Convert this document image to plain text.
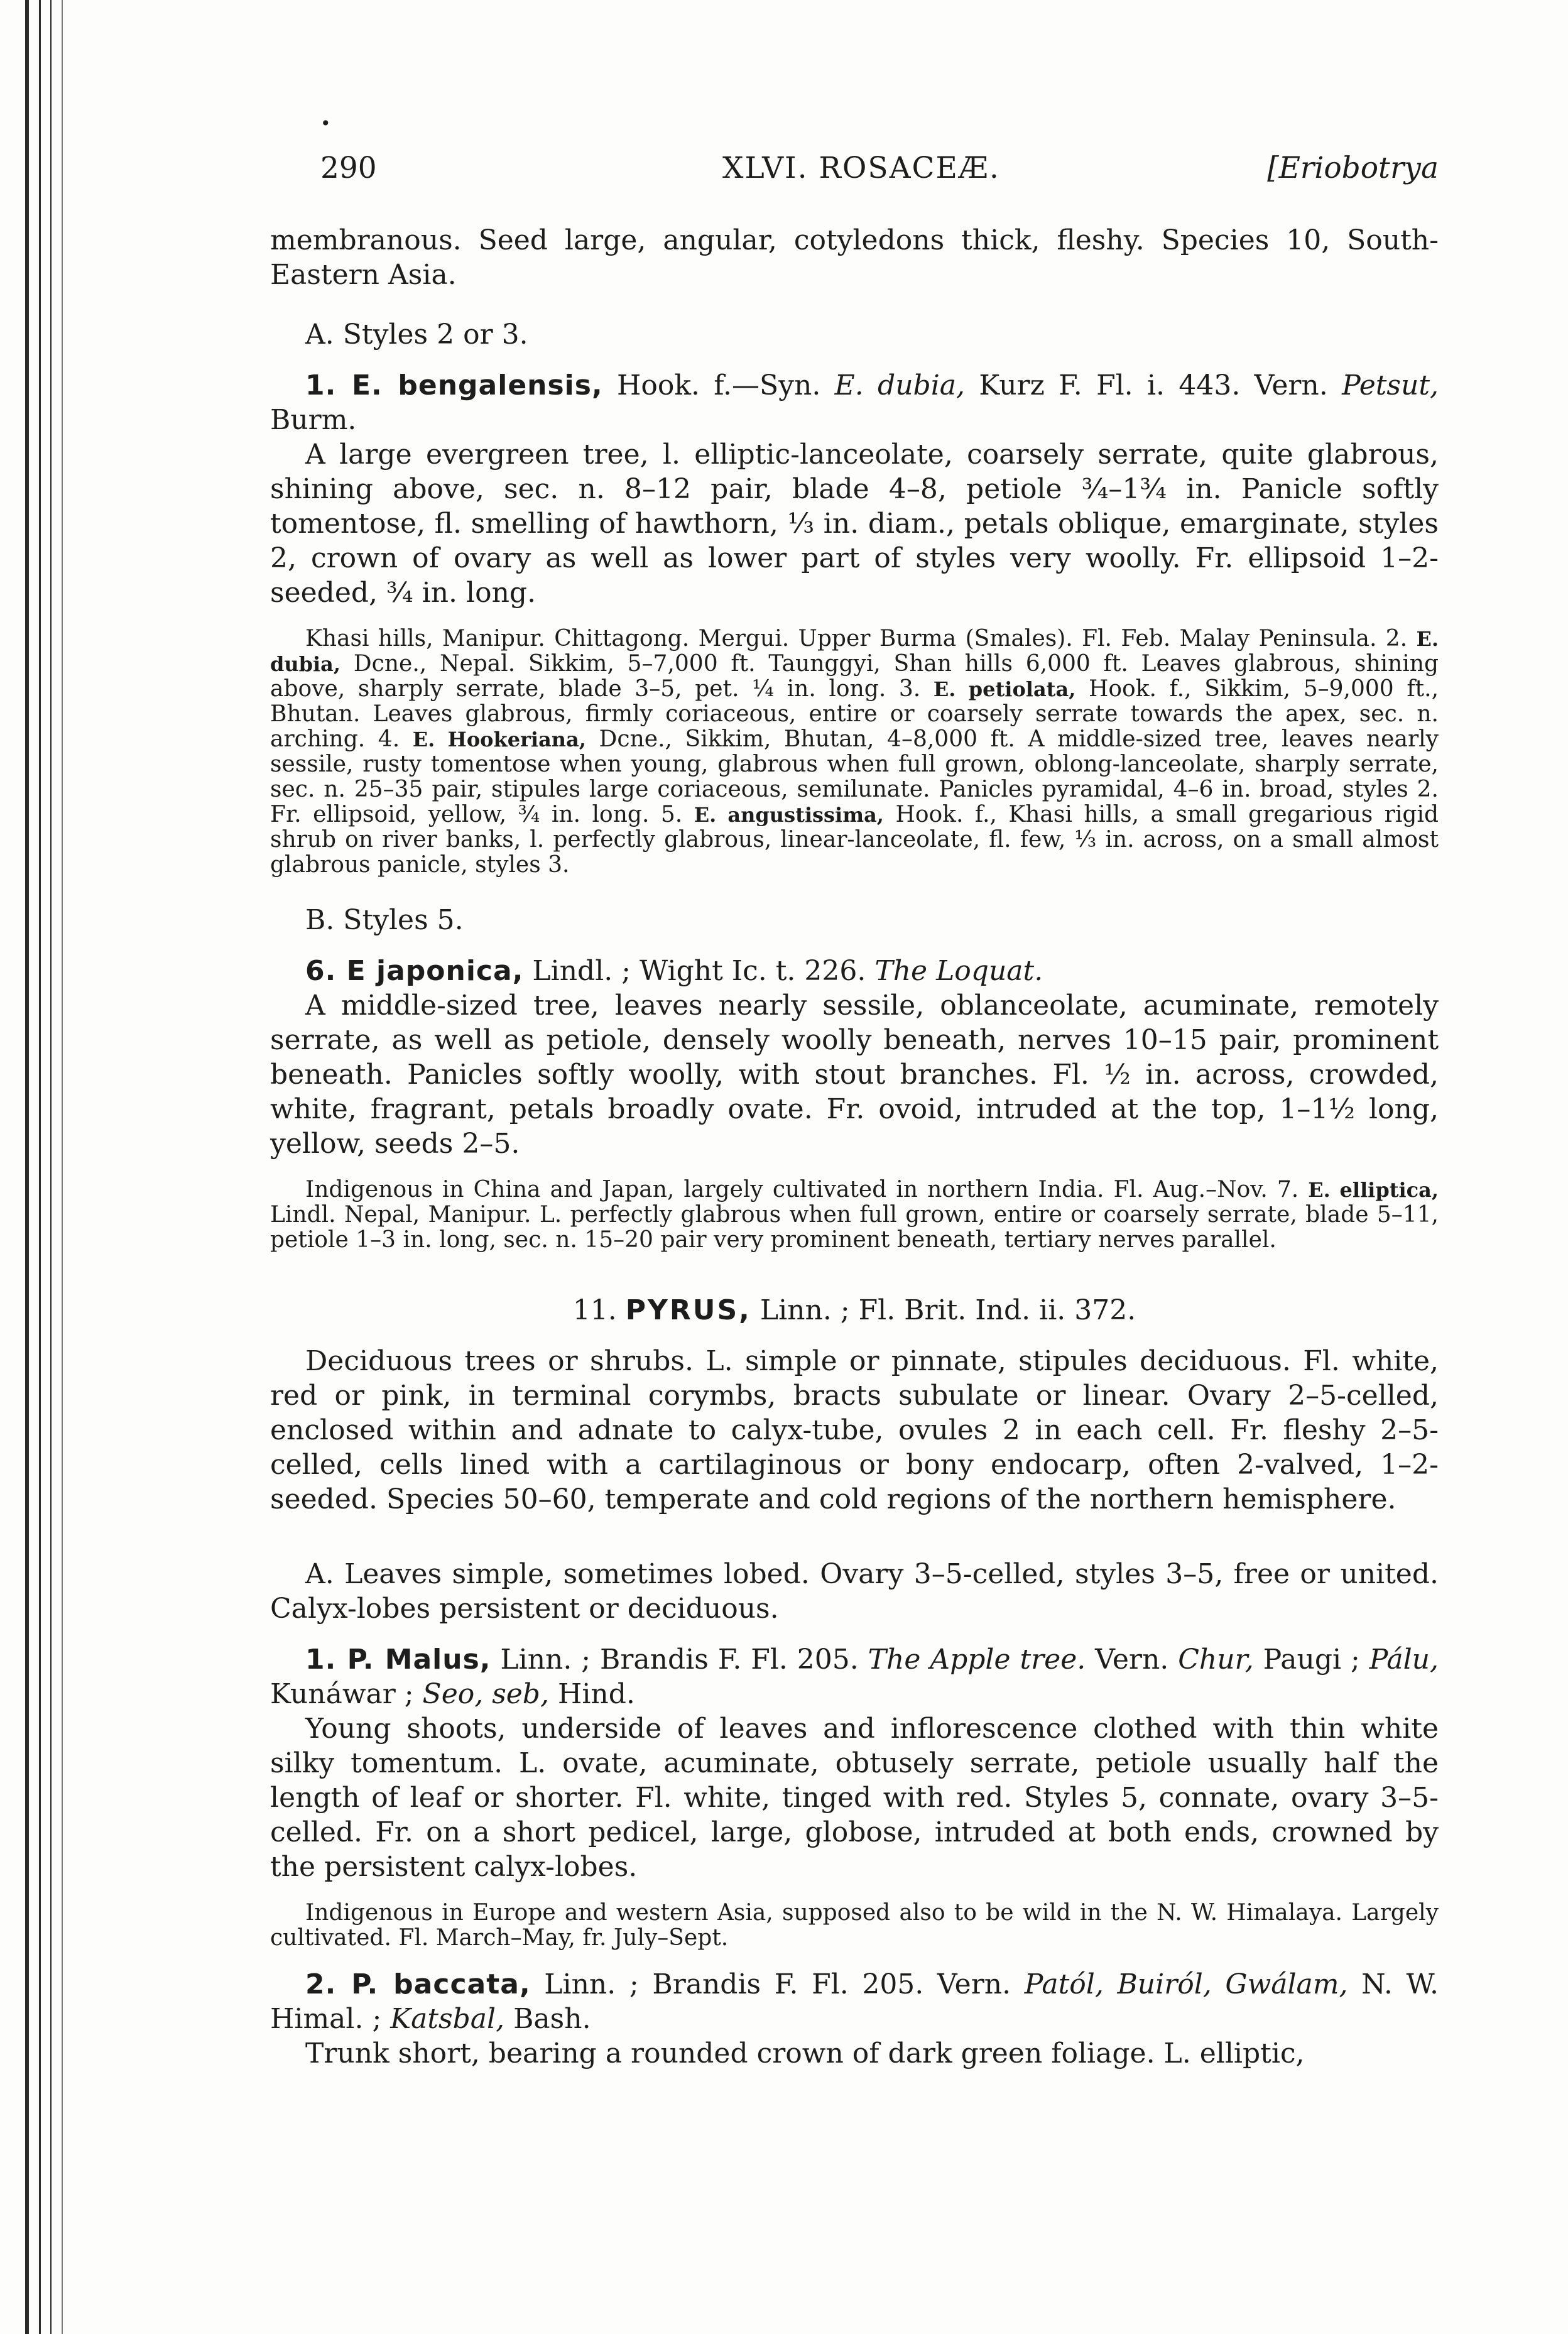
•
290	XLVI. ROSACEÆ.	[Eriobotrya

membranous. Seed large, angular, cotyledons thick, fleshy. Species 10, South-Eastern Asia.

A. Styles 2 or 3.

1. E. bengalensis, Hook. f.—Syn. E. dubia, Kurz F. Fl. i. 443. Vern. Petsut, Burm.

A large evergreen tree, l. elliptic-lanceolate, coarsely serrate, quite glabrous, shining above, sec. n. 8–12 pair, blade 4–8, petiole ¾–1¾ in. Panicle softly tomentose, fl. smelling of hawthorn, ⅓ in. diam., petals oblique, emarginate, styles 2, crown of ovary as well as lower part of styles very woolly. Fr. ellipsoid 1–2-seeded, ¾ in. long.

Khasi hills, Manipur. Chittagong. Mergui. Upper Burma (Smales). Fl. Feb. Malay Peninsula. 2. E. dubia, Dcne., Nepal. Sikkim, 5–7,000 ft. Taunggyi, Shan hills 6,000 ft. Leaves glabrous, shining above, sharply serrate, blade 3–5, pet. ¼ in. long. 3. E. petiolata, Hook. f., Sikkim, 5–9,000 ft., Bhutan. Leaves glabrous, firmly coriaceous, entire or coarsely serrate towards the apex, sec. n. arching. 4. E. Hookeriana, Dcne., Sikkim, Bhutan, 4–8,000 ft. A middle-sized tree, leaves nearly sessile, rusty tomentose when young, glabrous when full grown, oblong-lanceolate, sharply serrate, sec. n. 25–35 pair, stipules large coriaceous, semilunate. Panicles pyramidal, 4–6 in. broad, styles 2. Fr. ellipsoid, yellow, ¾ in. long. 5. E. angustissima, Hook. f., Khasi hills, a small gregarious rigid shrub on river banks, l. perfectly glabrous, linear-lanceolate, fl. few, ⅓ in. across, on a small almost glabrous panicle, styles 3.

B. Styles 5.

6. E japonica, Lindl. ; Wight Ic. t. 226. The Loquat.

A middle-sized tree, leaves nearly sessile, oblanceolate, acuminate, remotely serrate, as well as petiole, densely woolly beneath, nerves 10–15 pair, prominent beneath. Panicles softly woolly, with stout branches. Fl. ½ in. across, crowded, white, fragrant, petals broadly ovate. Fr. ovoid, intruded at the top, 1–1½ long, yellow, seeds 2–5.

Indigenous in China and Japan, largely cultivated in northern India. Fl. Aug.–Nov. 7. E. elliptica, Lindl. Nepal, Manipur. L. perfectly glabrous when full grown, entire or coarsely serrate, blade 5–11, petiole 1–3 in. long, sec. n. 15–20 pair very prominent beneath, tertiary nerves parallel.

11. PYRUS, Linn. ; Fl. Brit. Ind. ii. 372.

Deciduous trees or shrubs. L. simple or pinnate, stipules deciduous. Fl. white, red or pink, in terminal corymbs, bracts subulate or linear. Ovary 2–5-celled, enclosed within and adnate to calyx-tube, ovules 2 in each cell. Fr. fleshy 2–5-celled, cells lined with a cartilaginous or bony endocarp, often 2-valved, 1–2-seeded. Species 50–60, temperate and cold regions of the northern hemisphere.

A. Leaves simple, sometimes lobed. Ovary 3–5-celled, styles 3–5, free or united. Calyx-lobes persistent or deciduous.

1. P. Malus, Linn. ; Brandis F. Fl. 205. The Apple tree. Vern. Chur, Paugi ; Pálu, Kunáwar ; Seo, seb, Hind.

Young shoots, underside of leaves and inflorescence clothed with thin white silky tomentum. L. ovate, acuminate, obtusely serrate, petiole usually half the length of leaf or shorter. Fl. white, tinged with red. Styles 5, connate, ovary 3–5-celled. Fr. on a short pedicel, large, globose, intruded at both ends, crowned by the persistent calyx-lobes.

Indigenous in Europe and western Asia, supposed also to be wild in the N. W. Himalaya. Largely cultivated. Fl. March–May, fr. July–Sept.

2. P. baccata, Linn. ; Brandis F. Fl. 205. Vern. Patól, Buiról, Gwálam, N. W. Himal. ; Katsbal, Bash.

Trunk short, bearing a rounded crown of dark green foliage. L. elliptic,
